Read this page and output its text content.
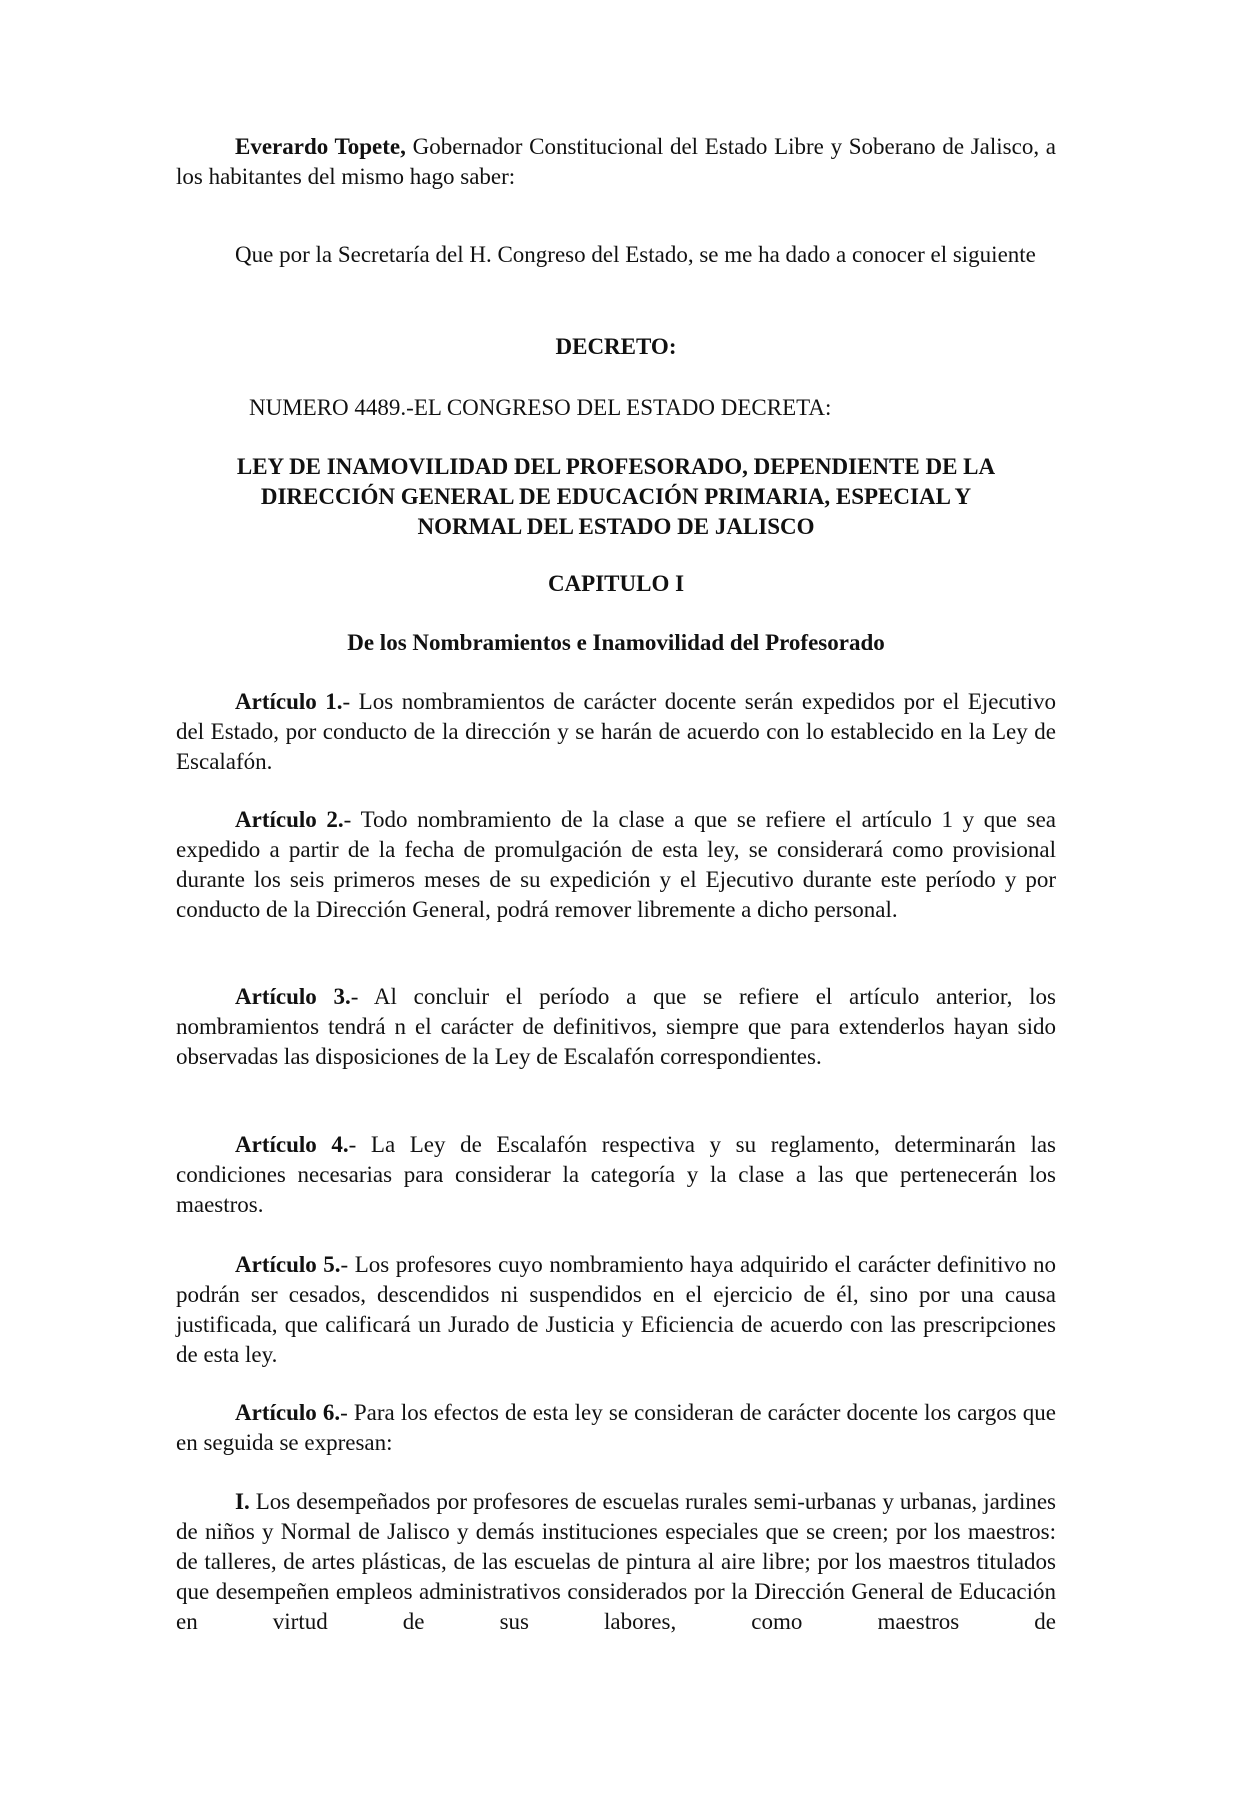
Everardo Topete, Gobernador Constitucional del Estado Libre y Soberano de Jalisco, a los habitantes del mismo hago saber:
Que por la Secretaría del H. Congreso del Estado, se me ha dado a conocer el siguiente
DECRETO:
NUMERO 4489.-EL CONGRESO DEL ESTADO DECRETA:
LEY DE INAMOVILIDAD DEL PROFESORADO, DEPENDIENTE DE LA
DIRECCIÓN GENERAL DE EDUCACIÓN PRIMARIA, ESPECIAL Y
NORMAL DEL ESTADO DE JALISCO
CAPITULO I
De los Nombramientos e Inamovilidad del Profesorado
Artículo 1.- Los nombramientos de carácter docente serán expedidos por el Ejecutivo del Estado, por conducto de la dirección y se harán de acuerdo con lo establecido en la Ley de Escalafón.
Artículo 2.- Todo nombramiento de la clase a que se refiere el artículo 1 y que sea expedido a partir de la fecha de promulgación de esta ley, se considerará como provisional durante los seis primeros meses de su expedición y el Ejecutivo durante este período y por conducto de la Dirección General, podrá remover libremente a dicho personal.
Artículo 3.- Al concluir el período a que se refiere el artículo anterior, los nombramientos tendrá n el carácter de definitivos, siempre que para extenderlos hayan sido observadas las disposiciones de la Ley de Escalafón correspondientes.
Artículo 4.- La Ley de Escalafón respectiva y su reglamento, determinarán las condiciones necesarias para considerar la categoría y la clase a las que pertenecerán los maestros.
Artículo 5.- Los profesores cuyo nombramiento haya adquirido el carácter definitivo no podrán ser cesados, descendidos ni suspendidos en el ejercicio de él, sino por una causa justificada, que calificará un Jurado de Justicia y Eficiencia de acuerdo con las prescripciones de esta ley.
Artículo 6.- Para los efectos de esta ley se consideran de carácter docente los cargos que en seguida se expresan:
I. Los desempeñados por profesores de escuelas rurales semi-urbanas y urbanas, jardines de niños y Normal de Jalisco y demás instituciones especiales que se creen; por los maestros: de talleres, de artes plásticas, de las escuelas de pintura al aire libre; por los maestros titulados que desempeñen empleos administrativos considerados por la Dirección General de Educación en virtud de sus labores, como maestros de
